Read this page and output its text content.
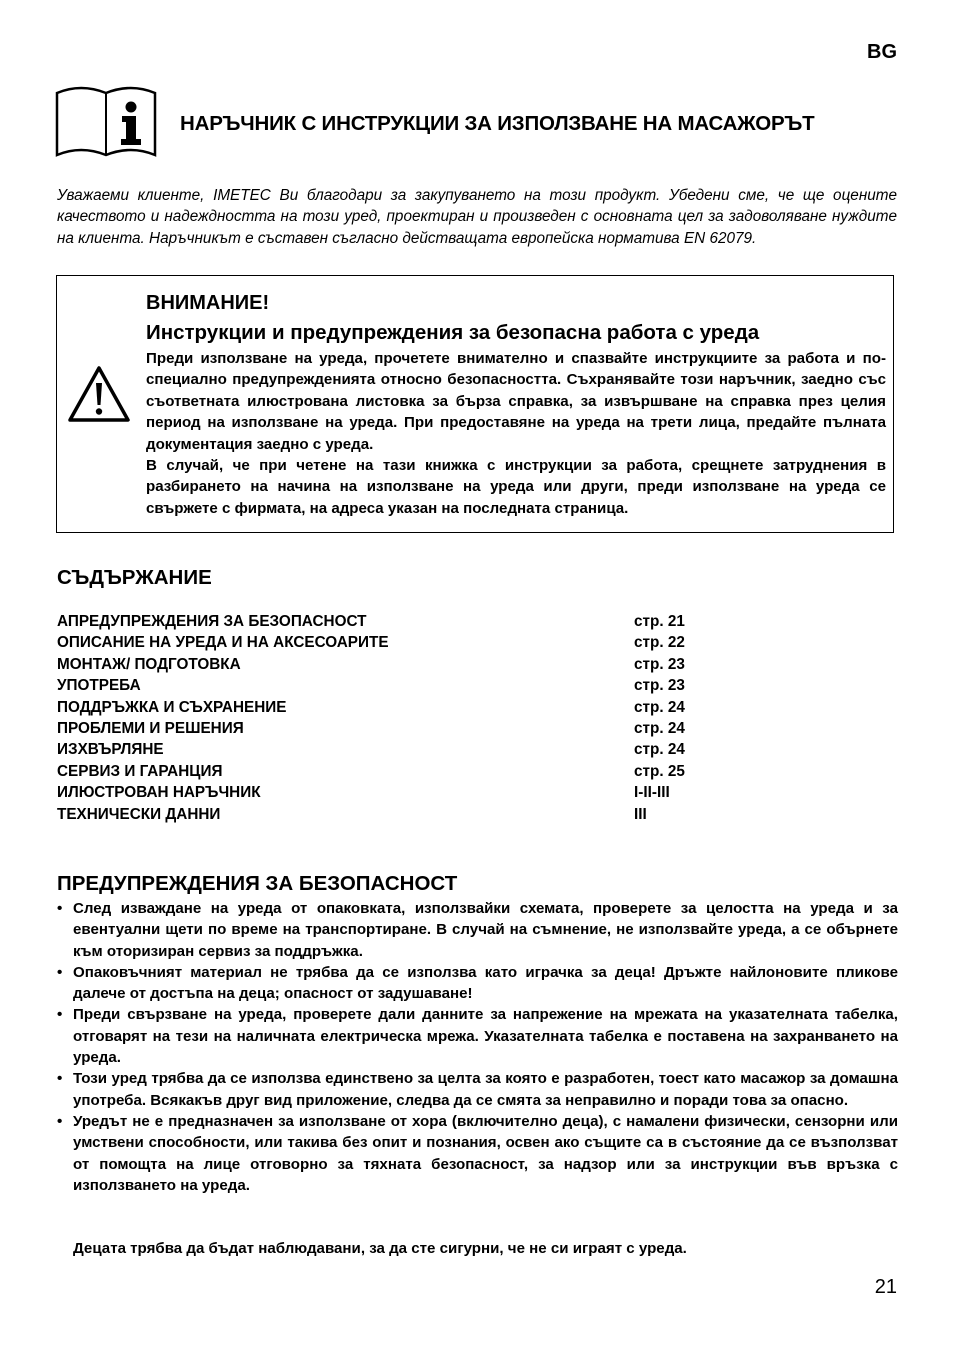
BG
НАРЪЧНИК С ИНСТРУКЦИИ ЗА ИЗПОЛЗВАНЕ НА МАСАЖОРЪТ
Уважаеми клиенте, IMETEC Ви благодари за закупуването на този продукт. Убедени сме, че ще оцените качеството и надеждността на този уред, проектиран и произведен с основната цел за задоволяване нуждите на клиента. Наръчникът е съставен съгласно действащата европейска норматива EN 62079.
ВНИМАНИЕ!
Инструкции и предупреждения за безопасна работа с уреда

Преди използване на уреда, прочетете внимателно и спазвайте инструкциите за работа и по-специално предупрежденията относно безопасността. Съхранявайте този наръчник, заедно със съответната илюстрована листовка за бърза справка, за извършване на справка през целия период на използване на уреда. При предоставяне на уреда на трети лица, предайте пълната документация заедно с уреда.

В случай, че при четене на тази книжка с инструкции за работа, срещнете затруднения в разбирането на начина на използване на уреда или други, преди използване на уреда се свържете с фирмата, на адреса указан на последната страница.

СЪДЪРЖАНИЕ
АПРЕДУПРЕЖДЕНИЯ ЗА БЕЗОПАСНОСТ	стр. 21
ОПИСАНИЕ НА УРЕДА И НА АКСЕСОАРИТЕ	стр. 22
МОНТАЖ/ ПОДГОТОВКА	стр. 23
УПОТРЕБА	стр. 23
ПОДДРЪЖКА И СЪХРАНЕНИЕ	стр. 24
ПРОБЛЕМИ И РЕШЕНИЯ	стр. 24
ИЗХВЪРЛЯНЕ	стр. 24
СЕРВИЗ И ГАРАНЦИЯ	стр. 25
ИЛЮСТРОВАН НАРЪЧНИК	I-II-III
ТЕХНИЧЕСКИ ДАННИ	III
ПРЕДУПРЕЖДЕНИЯ ЗА БЕЗОПАСНОСТ
• След изваждане на уреда от опаковката, използвайки схемата, проверете за целостта на уреда и за евентуални щети по време на транспортиране. В случай на съмнение, не използвайте уреда, а се обърнете към оторизиран сервиз за поддръжка.
• Опаковъчният материал не трябва да се използва като играчка за деца! Дръжте найлоновите пликове далече от достъпа на деца; опасност от задушаване!
• Преди свързване на уреда, проверете дали данните за напрежение на мрежата на указателната табелка, отговарят на тези на наличната електрическа мрежа. Указателната табелка е поставена на захранването на уреда.
• Този уред трябва да се използва единствено за целта за която е разработен, тоест като масажор за домашна употреба. Всякакъв друг вид приложение, следва да се смята за неправилно и поради това за опасно.
• Уредът не е предназначен за използване от хора (включително деца), с намалени физически, сензорни или умствени способности, или такива без опит и познания, освен ако същите са в състояние да се възползват от помощта на лице отговорно за тяхната безопасност, за надзор или за инструкции във връзка с използването на уреда.
Децата трябва да бъдат наблюдавани, за да сте сигурни, че не си играят с уреда.
21
